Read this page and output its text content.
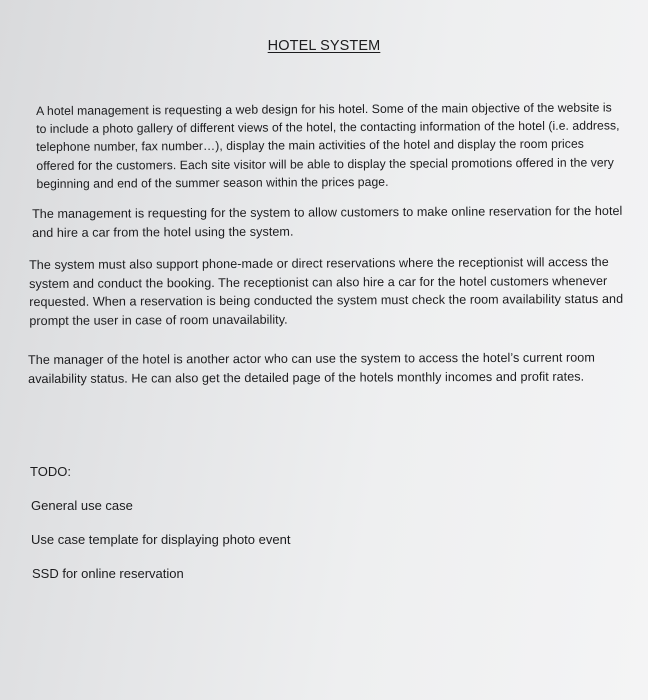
HOTEL SYSTEM

A hotel management is requesting a web design for his hotel. Some of the main objective of the website is to include a photo gallery of different views of the hotel, the contacting information of the hotel (i.e. address, telephone number, fax number…), display the main activities of the hotel and display the room prices offered for the customers. Each site visitor will be able to display the special promotions offered in the very beginning and end of the summer season within the prices page.

The management is requesting for the system to allow customers to make online reservation for the hotel and hire a car from the hotel using the system.

The system must also support phone-made or direct reservations where the receptionist will access the system and conduct the booking. The receptionist can also hire a car for the hotel customers whenever requested. When a reservation is being conducted the system must check the room availability status and prompt the user in case of room unavailability.

The manager of the hotel is another actor who can use the system to access the hotel’s current room availability status. He can also get the detailed page of the hotels monthly incomes and profit rates.

TODO:

General use case

Use case template for displaying photo event

SSD for online reservation
